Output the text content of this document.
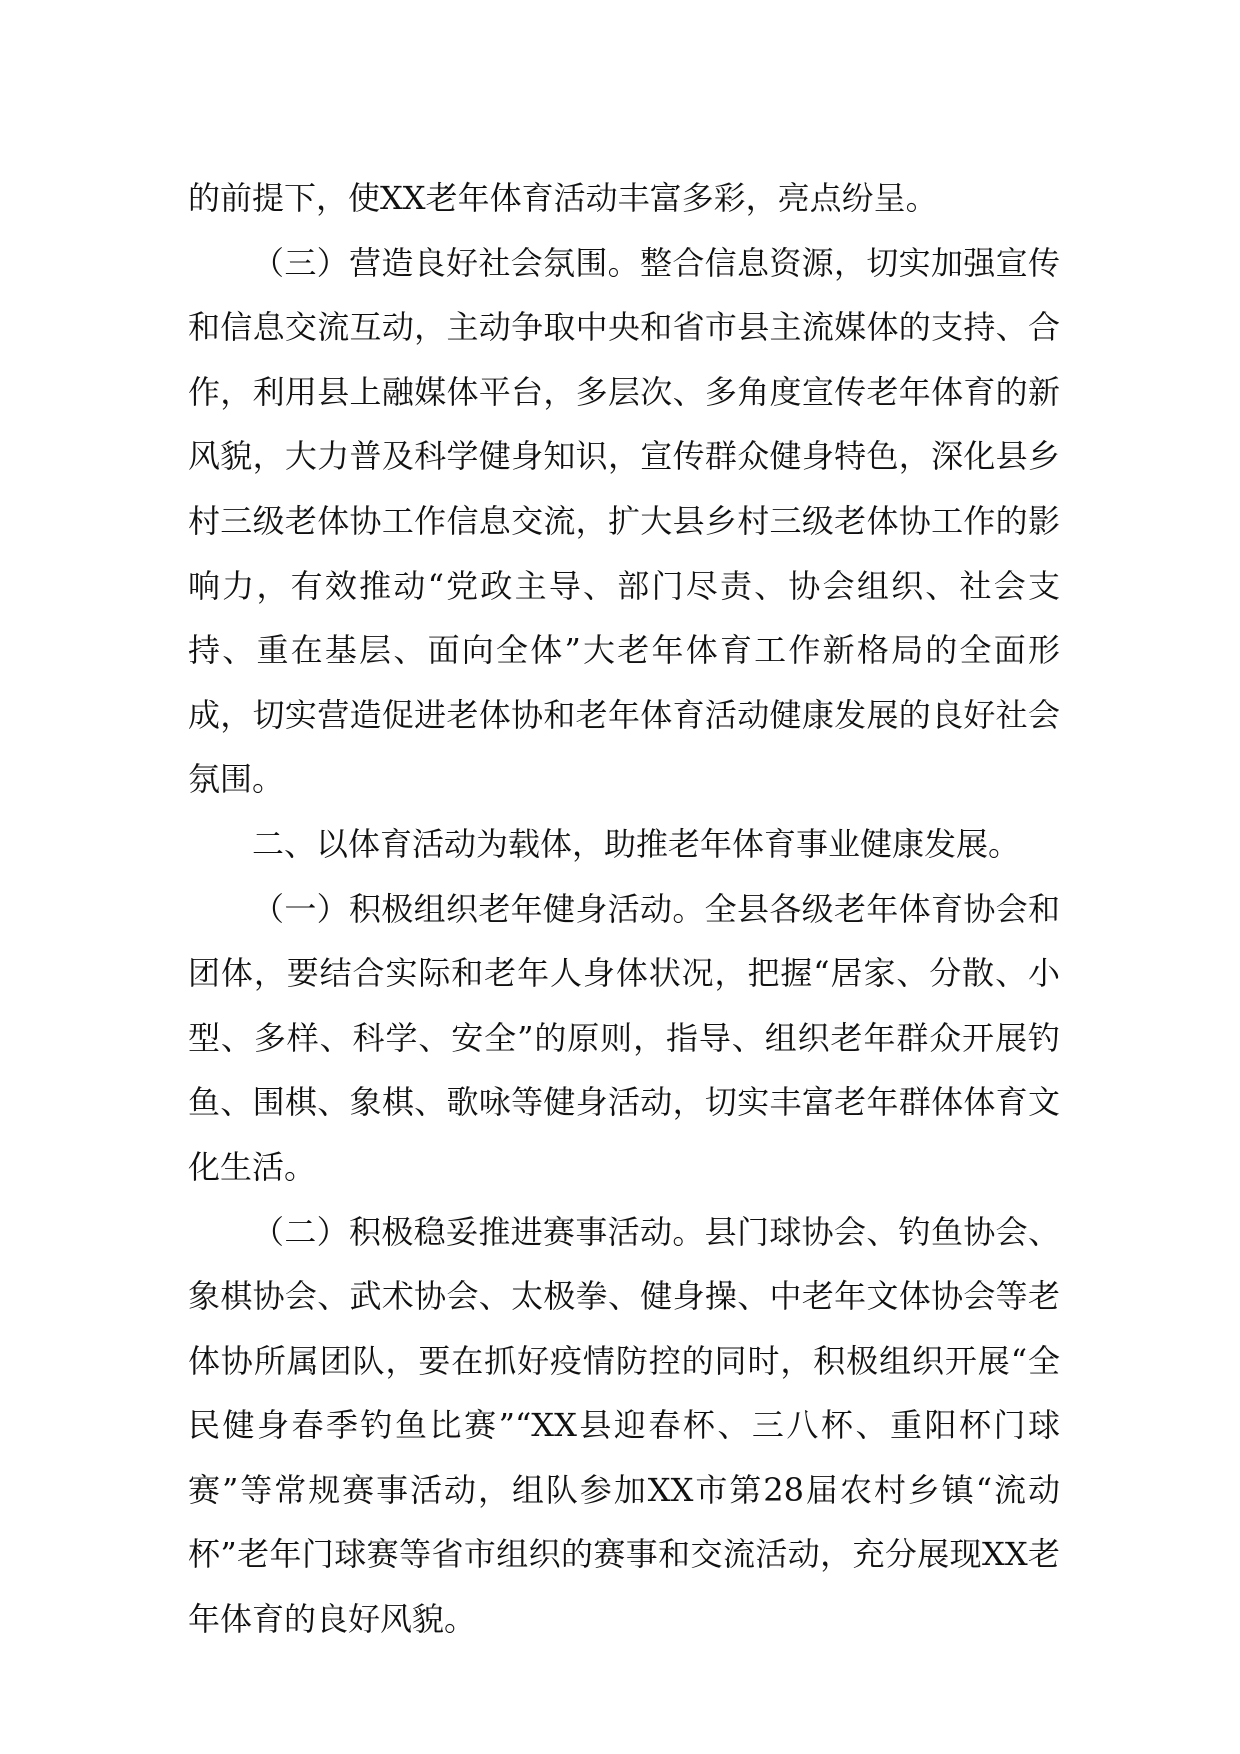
的前提下，使XX老年体育活动丰富多彩，亮点纷呈。

（三）营造良好社会氛围。整合信息资源，切实加强宣传和信息交流互动，主动争取中央和省市县主流媒体的支持、合作，利用县上融媒体平台，多层次、多角度宣传老年体育的新风貌，大力普及科学健身知识，宣传群众健身特色，深化县乡村三级老体协工作信息交流，扩大县乡村三级老体协工作的影响力，有效推动“党政主导、部门尽责、协会组织、社会支持、重在基层、面向全体”大老年体育工作新格局的全面形成，切实营造促进老体协和老年体育活动健康发展的良好社会氛围。

二、以体育活动为载体，助推老年体育事业健康发展。

（一）积极组织老年健身活动。全县各级老年体育协会和团体，要结合实际和老年人身体状况，把握“居家、分散、小型、多样、科学、安全”的原则，指导、组织老年群众开展钓鱼、围棋、象棋、歌咏等健身活动，切实丰富老年群体体育文化生活。

（二）积极稳妥推进赛事活动。县门球协会、钓鱼协会、象棋协会、武术协会、太极拳、健身操、中老年文体协会等老体协所属团队，要在抓好疫情防控的同时，积极组织开展“全民健身春季钓鱼比赛”“XX县迎春杯、三八杯、重阳杯门球赛”等常规赛事活动，组队参加XX市第28届农村乡镇“流动杯”老年门球赛等省市组织的赛事和交流活动，充分展现XX老年体育的良好风貌。
